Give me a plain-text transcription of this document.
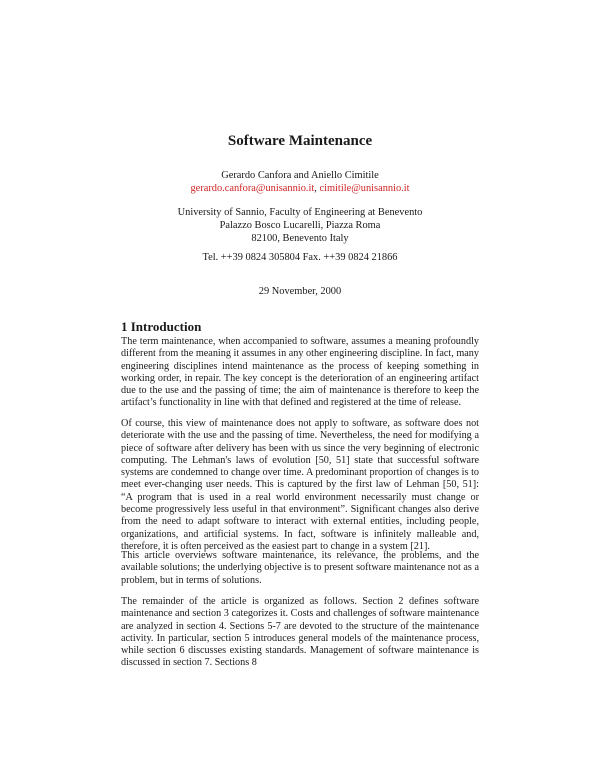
Software Maintenance
Gerardo Canfora and Aniello Cimitile
gerardo.canfora@unisannio.it, cimitile@unisannio.it
University of Sannio, Faculty of Engineering at Benevento
Palazzo Bosco Lucarelli, Piazza Roma
82100, Benevento Italy
Tel. ++39 0824 305804 Fax. ++39 0824 21866
29 November, 2000
1 Introduction

The term maintenance, when accompanied to software, assumes a meaning profoundly different from the meaning it assumes in any other engineering discipline. In fact, many engineering disciplines intend maintenance as the process of keeping something in working order, in repair. The key concept is the deterioration of an engineering artifact due to the use and the passing of time; the aim of maintenance is therefore to keep the artifact’s functionality in line with that defined and registered at the time of release.

Of course, this view of maintenance does not apply to software, as software does not deteriorate with the use and the passing of time. Nevertheless, the need for modifying a piece of software after delivery has been with us since the very beginning of electronic computing. The Lehman's laws of evolution [50, 51] state that successful software systems are condemned to change over time. A predominant proportion of changes is to meet ever-changing user needs. This is captured by the first law of Lehman [50, 51]: “A program that is used in a real world environment necessarily must change or become progressively less useful in that environment”. Significant changes also derive from the need to adapt software to interact with external entities, including people, organizations, and artificial systems. In fact, software is infinitely malleable and, therefore, it is often perceived as the easiest part to change in a system [21].

This article overviews software maintenance, its relevance, the problems, and the available solutions; the underlying objective is to present software maintenance not as a problem, but in terms of solutions.

The remainder of the article is organized as follows. Section 2 defines software maintenance and section 3 categorizes it. Costs and challenges of software maintenance are analyzed in section 4. Sections 5-7 are devoted to the structure of the maintenance activity. In particular, section 5 introduces general models of the maintenance process, while section 6 discusses existing standards. Management of software maintenance is discussed in section 7. Sections 8
